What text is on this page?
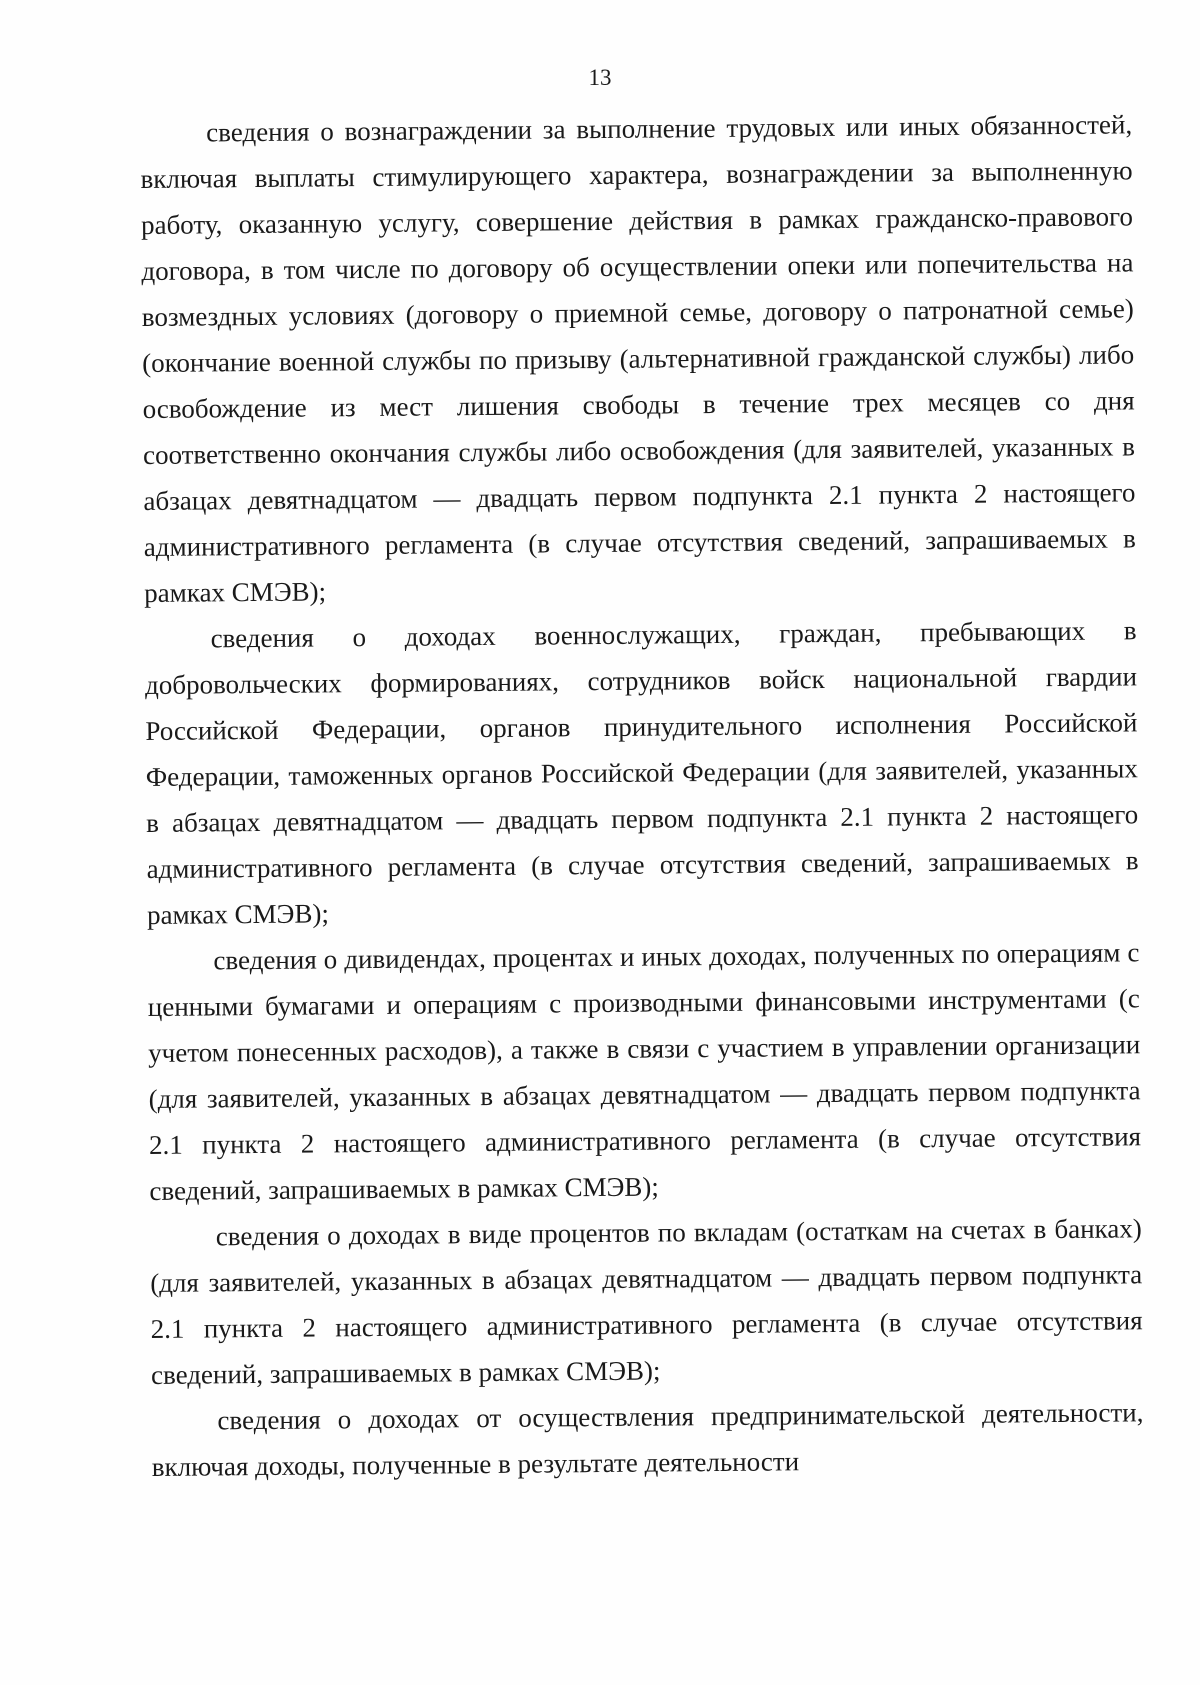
13

сведения о вознаграждении за выполнение трудовых или иных обязанностей, включая выплаты стимулирующего характера, вознаграждении за выполненную работу, оказанную услугу, совершение действия в рамках гражданско-правового договора, в том числе по договору об осуществлении опеки или попечительства на возмездных условиях (договору о приемной семье, договору о патронатной семье) (окончание военной службы по призыву (альтернативной гражданской службы) либо освобождение из мест лишения свободы в течение трех месяцев со дня соответственно окончания службы либо освобождения (для заявителей, указанных в абзацах девятнадцатом — двадцать первом подпункта 2.1 пункта 2 настоящего административного регламента (в случае отсутствия сведений, запрашиваемых в рамках СМЭВ);

сведения о доходах военнослужащих, граждан, пребывающих в добровольческих формированиях, сотрудников войск национальной гвардии Российской Федерации, органов принудительного исполнения Российской Федерации, таможенных органов Российской Федерации (для заявителей, указанных в абзацах девятнадцатом — двадцать первом подпункта 2.1 пункта 2 настоящего административного регламента (в случае отсутствия сведений, запрашиваемых в рамках СМЭВ);

сведения о дивидендах, процентах и иных доходах, полученных по операциям с ценными бумагами и операциям с производными финансовыми инструментами (с учетом понесенных расходов), а также в связи с участием в управлении организации (для заявителей, указанных в абзацах девятнадцатом — двадцать первом подпункта 2.1 пункта 2 настоящего административного регламента (в случае отсутствия сведений, запрашиваемых в рамках СМЭВ);

сведения о доходах в виде процентов по вкладам (остаткам на счетах в банках) (для заявителей, указанных в абзацах девятнадцатом — двадцать первом подпункта 2.1 пункта 2 настоящего административного регламента (в случае отсутствия сведений, запрашиваемых в рамках СМЭВ);

сведения о доходах от осуществления предпринимательской деятельности, включая доходы, полученные в результате деятельности
